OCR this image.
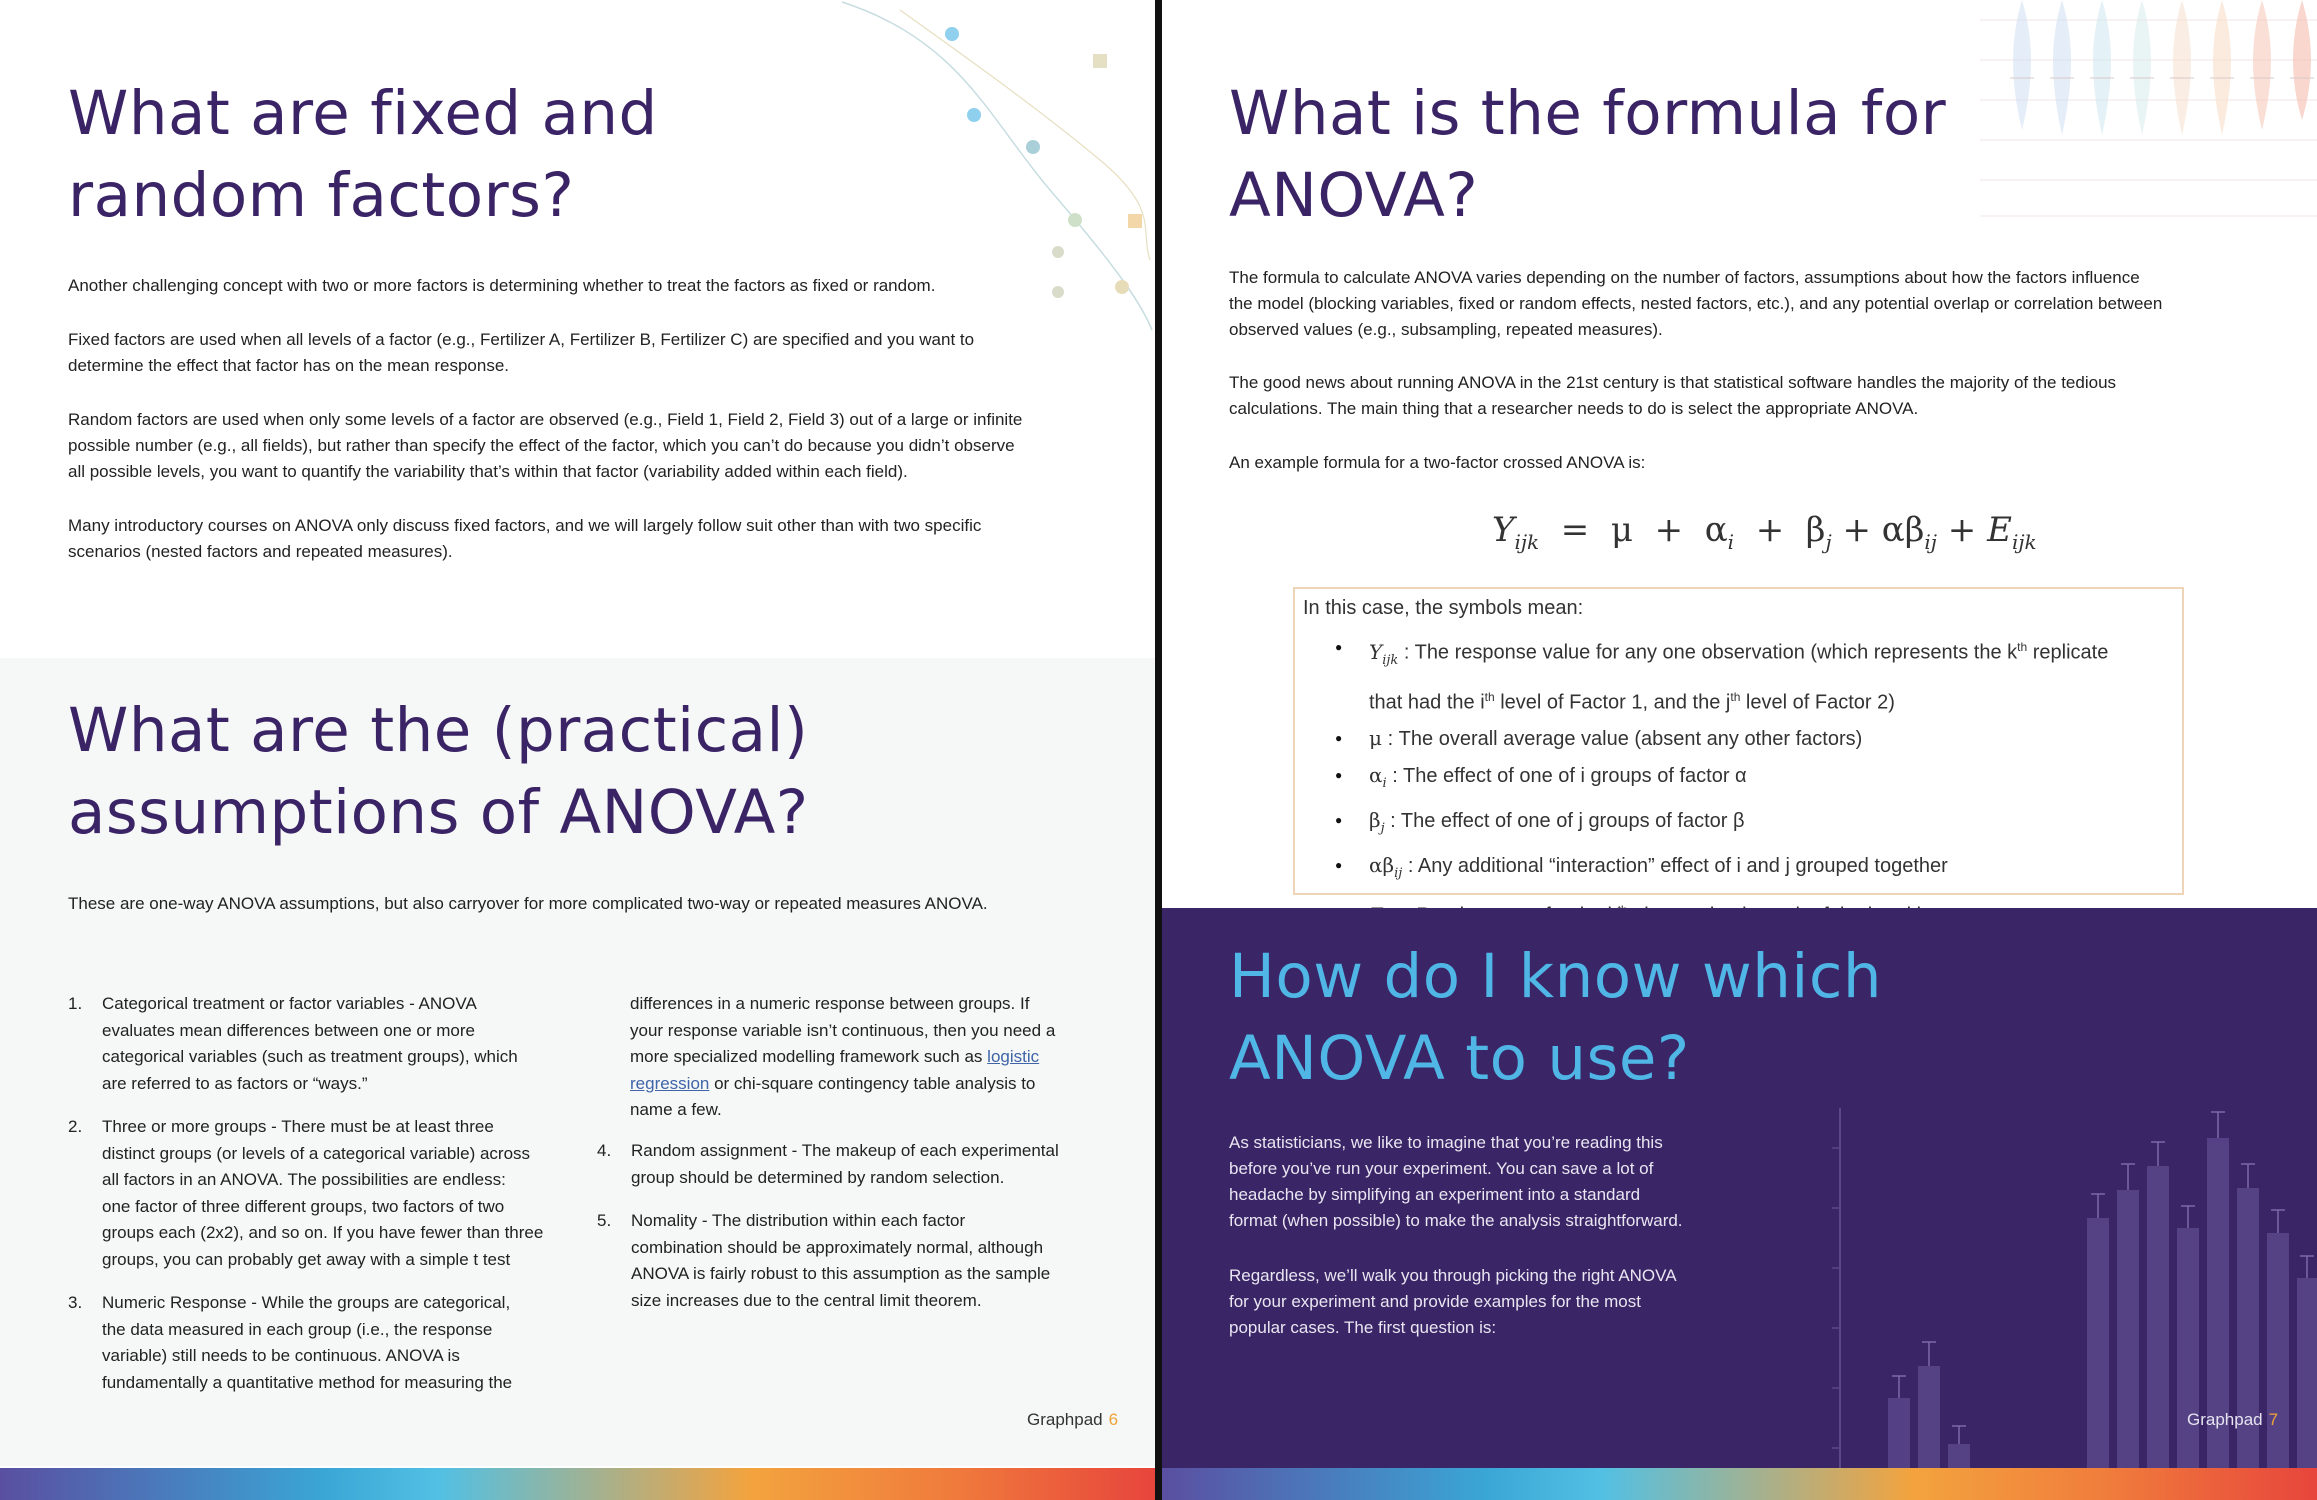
What are fixed and
random factors?

Another challenging concept with two or more factors is determining whether to treat the factors as fixed or random.

Fixed factors are used when all levels of a factor (e.g., Fertilizer A, Fertilizer B, Fertilizer C) are specified and you want to
determine the effect that factor has on the mean response.

Random factors are used when only some levels of a factor are observed (e.g., Field 1, Field 2, Field 3) out of a large or infinite
possible number (e.g., all fields), but rather than specify the effect of the factor, which you can’t do because you didn’t observe
all possible levels, you want to quantify the variability that’s within that factor (variability added within each field).

Many introductory courses on ANOVA only discuss fixed factors, and we will largely follow suit other than with two specific
scenarios (nested factors and repeated measures).

What are the (practical)
assumptions of ANOVA?

These are one-way ANOVA assumptions, but also carryover for more complicated two-way or repeated measures ANOVA.

1. Categorical treatment or factor variables - ANOVA
evaluates mean differences between one or more
categorical variables (such as treatment groups), which
are referred to as factors or “ways.”
2. Three or more groups - There must be at least three
distinct groups (or levels of a categorical variable) across
all factors in an ANOVA. The possibilities are endless:
one factor of three different groups, two factors of two
groups each (2x2), and so on. If you have fewer than three
groups, you can probably get away with a simple t test
3. Numeric Response - While the groups are categorical,
the data measured in each group (i.e., the response
variable) still needs to be continuous. ANOVA is
fundamentally a quantitative method for measuring the
differences in a numeric response between groups. If
your response variable isn’t continuous, then you need a
more specialized modelling framework such as logistic
regression or chi-square contingency table analysis to
name a few.
4. Random assignment - The makeup of each experimental
group should be determined by random selection.
5. Nomality - The distribution within each factor
combination should be approximately normal, although
ANOVA is fairly robust to this assumption as the sample
size increases due to the central limit theorem.
Graphpad 6
What is the formula for
ANOVA?

The formula to calculate ANOVA varies depending on the number of factors, assumptions about how the factors influence
the model (blocking variables, fixed or random effects, nested factors, etc.), and any potential overlap or correlation between
observed values (e.g., subsampling, repeated measures).

The good news about running ANOVA in the 21st century is that statistical software handles the majority of the tedious
calculations. The main thing that a researcher needs to do is select the appropriate ANOVA.

An example formula for a two-factor crossed ANOVA is:

$Y_{ijk} = \mu + \alpha_i + \beta_j + \alpha\beta_{ij} + E_{ijk}$
In this case, the symbols mean:
● $Y_{ijk}$ : The response value for any one observation (which represents the $k^{th}$ replicate
that had the $i^{th}$ level of Factor 1, and the $j^{th}$ level of Factor 2)
● μ : The overall average value (absent any other factors)
● $\alpha_i$ : The effect of one of i groups of factor α
● $\beta_j$ : The effect of one of j groups of factor β
● $\alpha\beta_{ij}$ : Any additional “interaction” effect of i and j grouped together
●
How do I know which
ANOVA to use?

As statisticians, we like to imagine that you’re reading this
before you’ve run your experiment. You can save a lot of
headache by simplifying an experiment into a standard
format (when possible) to make the analysis straightforward.

Regardless, we’ll walk you through picking the right ANOVA
for your experiment and provide examples for the most
popular cases. The first question is:

Graphpad 7
